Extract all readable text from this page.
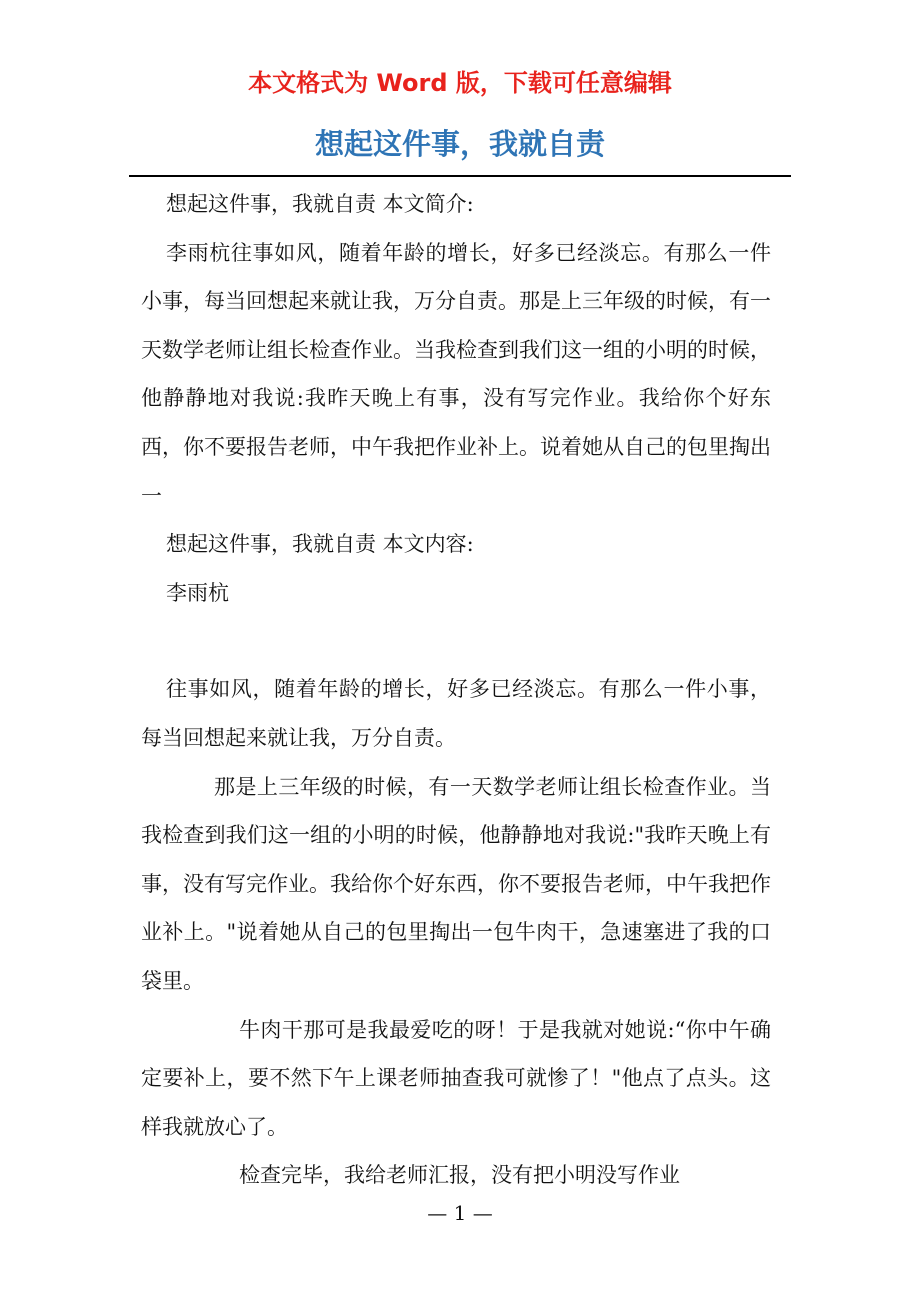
本文格式为 Word 版，下载可任意编辑
想起这件事，我就自责

想起这件事，我就自责 本文简介:

李雨杭往事如风，随着年龄的增长，好多已经淡忘。有那么一件小事，每当回想起来就让我，万分自责。那是上三年级的时候，有一天数学老师让组长检查作业。当我检查到我们这一组的小明的时候，他静静地对我说:我昨天晚上有事，没有写完作业。我给你个好东西，你不要报告老师，中午我把作业补上。说着她从自己的包里掏出一

想起这件事，我就自责 本文内容:

李雨杭

往事如风，随着年龄的增长，好多已经淡忘。有那么一件小事，每当回想起来就让我，万分自责。

那是上三年级的时候，有一天数学老师让组长检查作业。当我检查到我们这一组的小明的时候，他静静地对我说:"我昨天晚上有事，没有写完作业。我给你个好东西，你不要报告老师，中午我把作业补上。"说着她从自己的包里掏出一包牛肉干，急速塞进了我的口袋里。

牛肉干那可是我最爱吃的呀！于是我就对她说:“你中午确定要补上，要不然下午上课老师抽查我可就惨了！"他点了点头。这样我就放心了。

检查完毕，我给老师汇报，没有把小明没写作业

— 1 —
